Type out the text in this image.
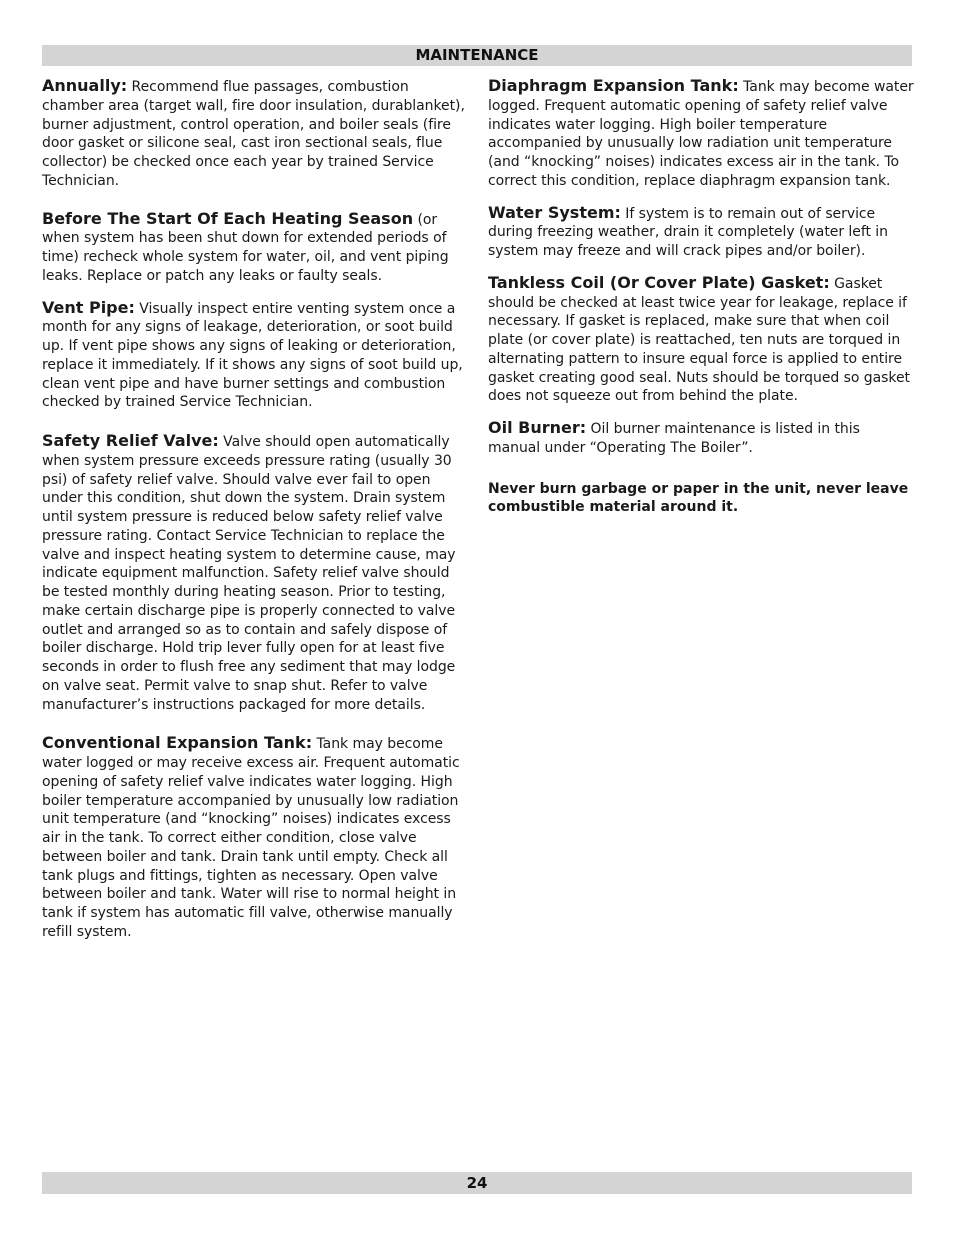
MAINTENANCE

Annually: Recommend flue passages, combustion chamber area (target wall, fire door insulation, durablanket), burner adjustment, control operation, and boiler seals (fire door gasket or silicone seal, cast iron sectional seals, flue collector) be checked once each year by trained Service Technician.

Before The Start Of Each Heating Season (or when system has been shut down for extended periods of time) recheck whole system for water, oil, and vent piping leaks. Replace or patch any leaks or faulty seals.

Vent Pipe: Visually inspect entire venting system once a month for any signs of leakage, deterioration, or soot build up. If vent pipe shows any signs of leaking or deterioration, replace it immediately. If it shows any signs of soot build up, clean vent pipe and have burner settings and combustion checked by trained Service Technician.

Safety Relief Valve: Valve should open automatically when system pressure exceeds pressure rating (usually 30 psi) of safety relief valve. Should valve ever fail to open under this condition, shut down the system. Drain system until system pressure is reduced below safety relief valve pressure rating. Contact Service Technician to replace the valve and inspect heating system to determine cause, may indicate equipment malfunction. Safety relief valve should be tested monthly during heating season. Prior to testing, make certain discharge pipe is properly connected to valve outlet and arranged so as to contain and safely dispose of boiler discharge. Hold trip lever fully open for at least five seconds in order to flush free any sediment that may lodge on valve seat. Permit valve to snap shut. Refer to valve manufacturer’s instructions packaged for more details.

Conventional Expansion Tank: Tank may become water logged or may receive excess air. Frequent automatic opening of safety relief valve indicates water logging. High boiler temperature accompanied by unusually low radiation unit temperature (and “knocking” noises) indicates excess air in the tank. To correct either condition, close valve between boiler and tank. Drain tank until empty. Check all tank plugs and fittings, tighten as necessary. Open valve between boiler and tank. Water will rise to normal height in tank if system has automatic fill valve, otherwise manually refill system.

Diaphragm Expansion Tank: Tank may become water logged. Frequent automatic opening of safety relief valve indicates water logging. High boiler temperature accompanied by unusually low radiation unit temperature (and “knocking” noises) indicates excess air in the tank. To correct this condition, replace diaphragm expansion tank.

Water System: If system is to remain out of service during freezing weather, drain it completely (water left in system may freeze and will crack pipes and/or boiler).

Tankless Coil (Or Cover Plate) Gasket: Gasket should be checked at least twice year for leakage, replace if necessary. If gasket is replaced, make sure that when coil plate (or cover plate) is reattached, ten nuts are torqued in alternating pattern to insure equal force is applied to entire gasket creating good seal. Nuts should be torqued so gasket does not squeeze out from behind the plate.

Oil Burner: Oil burner maintenance is listed in this manual under “Operating The Boiler”.

Never burn garbage or paper in the unit, never leave combustible material around it.

24
